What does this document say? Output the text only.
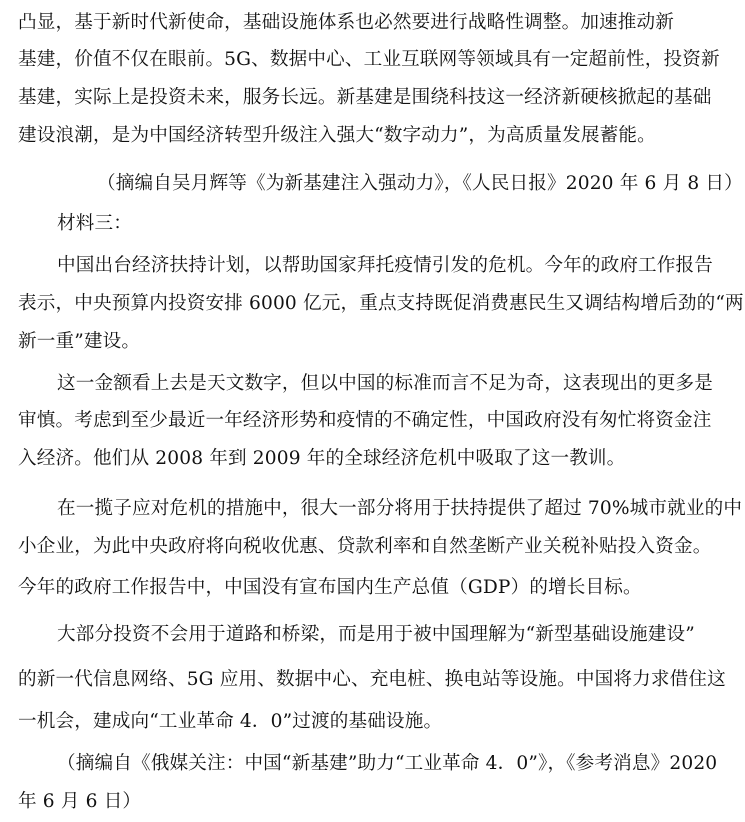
凸显，基于新时代新使命，基础设施体系也必然要进行战略性调整。加速推动新
基建，价值不仅在眼前。5G、数据中心、工业互联网等领域具有一定超前性，投资新
基建，实际上是投资未来，服务长远。新基建是围绕科技这一经济新硬核掀起的基础
建设浪潮，是为中国经济转型升级注入强大“数字动力”，为高质量发展蓄能。
（摘编自吴月辉等《为新基建注入强动力》，《人民日报》2020 年 6 月 8 日）
材料三：
中国出台经济扶持计划，以帮助国家拜托疫情引发的危机。今年的政府工作报告
表示，中央预算内投资安排 6000 亿元，重点支持既促消费惠民生又调结构增后劲的“两
新一重”建设。
这一金额看上去是天文数字，但以中国的标准而言不足为奇，这表现出的更多是
审慎。考虑到至少最近一年经济形势和疫情的不确定性，中国政府没有匆忙将资金注
入经济。他们从 2008 年到 2009 年的全球经济危机中吸取了这一教训。
在一揽子应对危机的措施中，很大一部分将用于扶持提供了超过 70%城市就业的中
小企业，为此中央政府将向税收优惠、贷款利率和自然垄断产业关税补贴投入资金。
今年的政府工作报告中，中国没有宣布国内生产总值（GDP）的增长目标。
大部分投资不会用于道路和桥梁，而是用于被中国理解为“新型基础设施建设”
的新一代信息网络、5G 应用、数据中心、充电桩、换电站等设施。中国将力求借住这
一机会，建成向“工业革命 4．0”过渡的基础设施。
（摘编自《俄媒关注：中国“新基建”助力“工业革命 4．0”》，《参考消息》2020
年 6 月 6 日）
